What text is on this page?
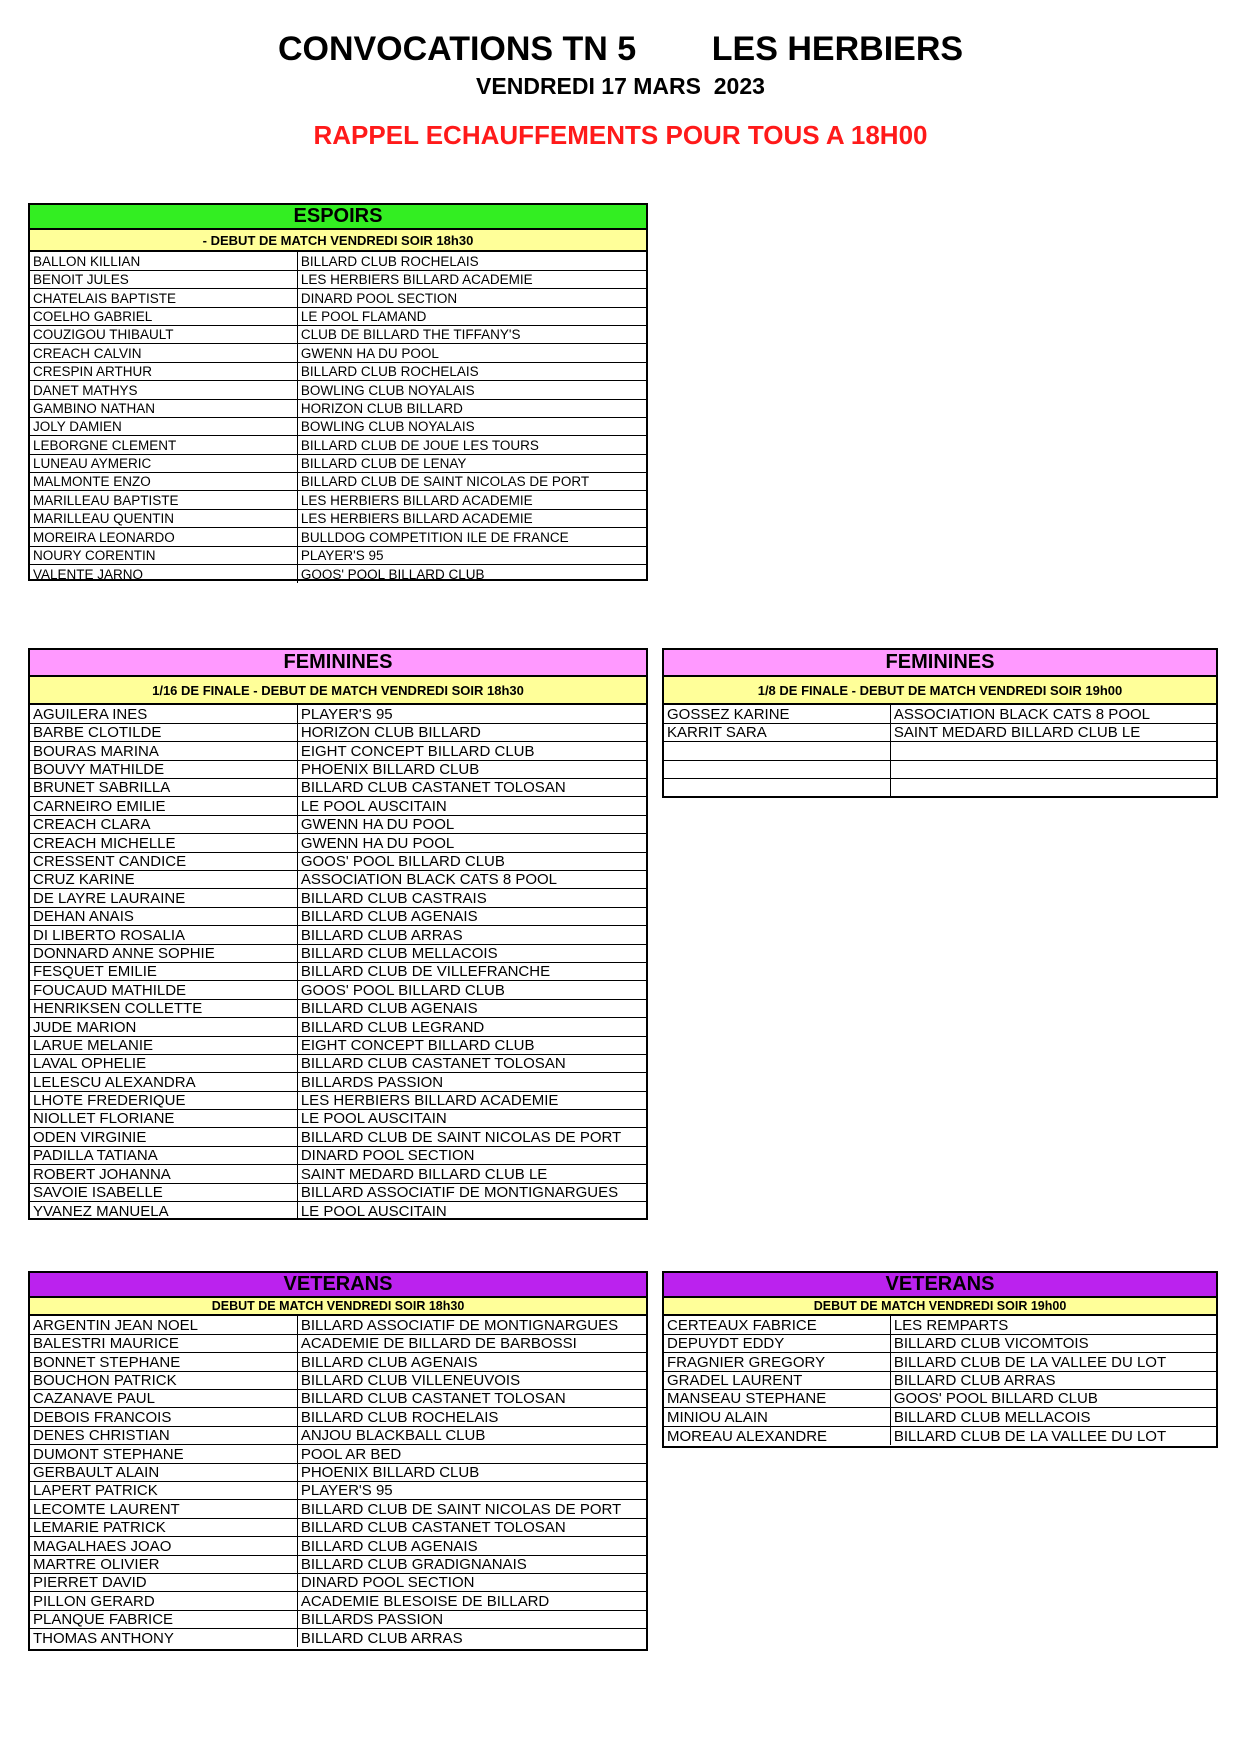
CONVOCATIONS TN 5        LES HERBIERS
VENDREDI 17 MARS  2023
RAPPEL ECHAUFFEMENTS POUR TOUS A 18H00
ESPOIRS
- DEBUT DE MATCH VENDREDI SOIR 18h30
BALLON KILLIAN	BILLARD CLUB ROCHELAIS
BENOIT JULES	LES HERBIERS BILLARD ACADEMIE
CHATELAIS BAPTISTE	DINARD POOL SECTION
COELHO GABRIEL	LE POOL FLAMAND
COUZIGOU THIBAULT	CLUB DE BILLARD THE TIFFANY'S
CREACH CALVIN	GWENN HA DU POOL
CRESPIN ARTHUR	BILLARD CLUB ROCHELAIS
DANET MATHYS	BOWLING CLUB NOYALAIS
GAMBINO NATHAN	HORIZON CLUB BILLARD
JOLY DAMIEN	BOWLING CLUB NOYALAIS
LEBORGNE CLEMENT	BILLARD CLUB DE JOUE LES TOURS
LUNEAU AYMERIC	BILLARD CLUB DE LENAY
MALMONTE ENZO	BILLARD CLUB DE SAINT NICOLAS DE PORT
MARILLEAU BAPTISTE	LES HERBIERS BILLARD ACADEMIE
MARILLEAU QUENTIN	LES HERBIERS BILLARD ACADEMIE
MOREIRA LEONARDO	BULLDOG COMPETITION ILE DE FRANCE
NOURY CORENTIN	PLAYER'S 95
VALENTE JARNO	GOOS' POOL BILLARD CLUB
FEMININES
1/16 DE FINALE - DEBUT DE MATCH VENDREDI SOIR 18h30
AGUILERA INES	PLAYER'S 95
BARBE CLOTILDE	HORIZON CLUB BILLARD
BOURAS MARINA	EIGHT CONCEPT BILLARD CLUB
BOUVY MATHILDE	PHOENIX BILLARD CLUB
BRUNET SABRILLA	BILLARD CLUB CASTANET TOLOSAN
CARNEIRO EMILIE	LE POOL AUSCITAIN
CREACH CLARA	GWENN HA DU POOL
CREACH MICHELLE	GWENN HA DU POOL
CRESSENT CANDICE	GOOS' POOL BILLARD CLUB
CRUZ KARINE	ASSOCIATION BLACK CATS 8 POOL
DE LAYRE LAURAINE	BILLARD CLUB CASTRAIS
DEHAN ANAIS	BILLARD CLUB AGENAIS
DI LIBERTO ROSALIA	BILLARD CLUB ARRAS
DONNARD ANNE SOPHIE	BILLARD CLUB MELLACOIS
FESQUET EMILIE	BILLARD CLUB DE VILLEFRANCHE
FOUCAUD MATHILDE	GOOS' POOL BILLARD CLUB
HENRIKSEN COLLETTE	BILLARD CLUB AGENAIS
JUDE MARION	BILLARD CLUB LEGRAND
LARUE MELANIE	EIGHT CONCEPT BILLARD CLUB
LAVAL OPHELIE	BILLARD CLUB CASTANET TOLOSAN
LELESCU ALEXANDRA	BILLARDS PASSION
LHOTE FREDERIQUE	LES HERBIERS BILLARD ACADEMIE
NIOLLET FLORIANE	LE POOL AUSCITAIN
ODEN VIRGINIE	BILLARD CLUB DE SAINT NICOLAS DE PORT
PADILLA TATIANA	DINARD POOL SECTION
ROBERT JOHANNA	SAINT MEDARD BILLARD CLUB LE
SAVOIE ISABELLE	BILLARD ASSOCIATIF DE MONTIGNARGUES
YVANEZ MANUELA	LE POOL AUSCITAIN
FEMININES
1/8 DE FINALE - DEBUT DE MATCH VENDREDI SOIR 19h00
GOSSEZ KARINE	ASSOCIATION BLACK CATS 8 POOL
KARRIT SARA	SAINT MEDARD BILLARD CLUB LE

VETERANS
DEBUT DE MATCH VENDREDI SOIR 18h30
ARGENTIN JEAN NOEL	BILLARD ASSOCIATIF DE MONTIGNARGUES
BALESTRI MAURICE	ACADEMIE DE BILLARD DE BARBOSSI
BONNET STEPHANE	BILLARD CLUB AGENAIS
BOUCHON PATRICK	BILLARD CLUB VILLENEUVOIS
CAZANAVE PAUL	BILLARD CLUB CASTANET TOLOSAN
DEBOIS FRANCOIS	BILLARD CLUB ROCHELAIS
DENES CHRISTIAN	ANJOU BLACKBALL CLUB
DUMONT STEPHANE	POOL AR BED
GERBAULT ALAIN	PHOENIX BILLARD CLUB
LAPERT PATRICK	PLAYER'S 95
LECOMTE LAURENT	BILLARD CLUB DE SAINT NICOLAS DE PORT
LEMARIE PATRICK	BILLARD CLUB CASTANET TOLOSAN
MAGALHAES JOAO	BILLARD CLUB AGENAIS
MARTRE OLIVIER	BILLARD CLUB GRADIGNANAIS
PIERRET DAVID	DINARD POOL SECTION
PILLON GERARD	ACADEMIE BLESOISE DE BILLARD
PLANQUE FABRICE	BILLARDS PASSION
THOMAS ANTHONY	BILLARD CLUB ARRAS
VETERANS
DEBUT DE MATCH VENDREDI SOIR 19h00
CERTEAUX FABRICE	LES REMPARTS
DEPUYDT EDDY	BILLARD CLUB VICOMTOIS
FRAGNIER GREGORY	BILLARD CLUB DE LA VALLEE DU LOT
GRADEL LAURENT	BILLARD CLUB ARRAS
MANSEAU STEPHANE	GOOS' POOL BILLARD CLUB
MINIOU ALAIN	BILLARD CLUB MELLACOIS
MOREAU ALEXANDRE	BILLARD CLUB DE LA VALLEE DU LOT
